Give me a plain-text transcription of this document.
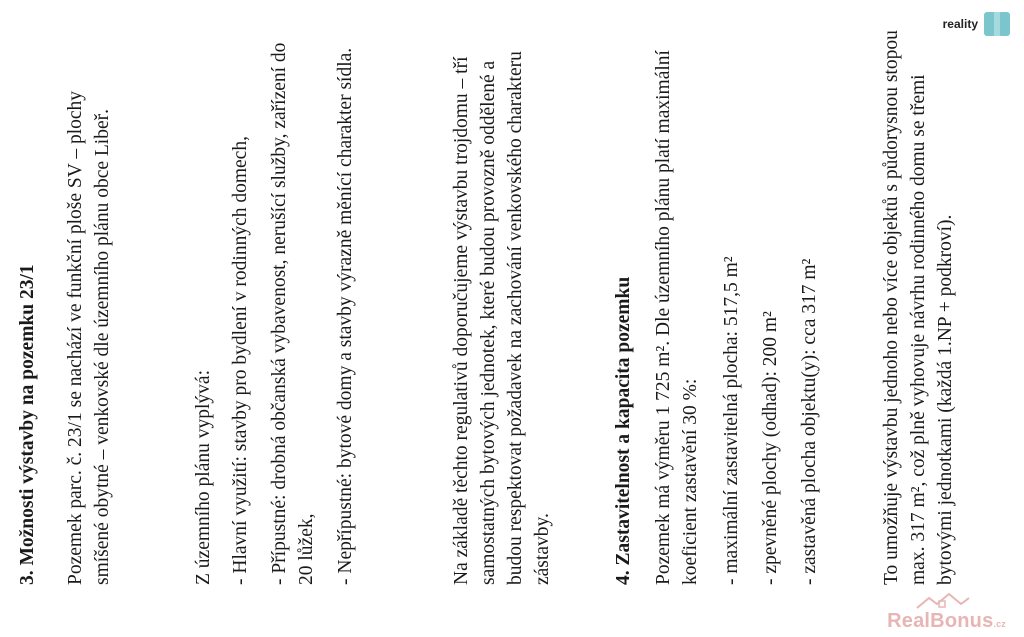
3. Možnosti výstavby na pozemku 23/1 Pozemek parc. č. 23/1 se nachází ve funkční ploše SV – plochy smíšené obytné – venkovské dle územního plánu obce Libeř.	Z územního plánu vyplývá: - Hlavní využití: stavby pro bydlení v rodinných domech, - Přípustné: drobná občanská vybavenost, nerušící služby, zařízení do 20 lůžek, - Nepřípustné: bytové domy a stavby výrazně měnící charakter sídla.	Na základě těchto regulativů doporučujeme výstavbu trojdomu – tří samostatných bytových jednotek, které budou provozně oddělené a budou respektovat požadavek na zachování venkovského charakteru zástavby.	4. Zastavitelnost a kapacita pozemku Pozemek má výměru 1 725 m². Dle územního plánu platí maximální koeficient zastavění 30 %: - maximální zastavitelná plocha: 517,5 m² - zpevněné plochy (odhad): 200 m² - zastavěná plocha objektu(y): cca 317 m²	To umožňuje výstavbu jednoho nebo více objektů s půdorysnou stopou max. 317 m², což plně vyhovuje návrhu rodinného domu se třemi bytovými jednotkami (každá 1.NP + podkroví).

reality
RealBonus.cz
